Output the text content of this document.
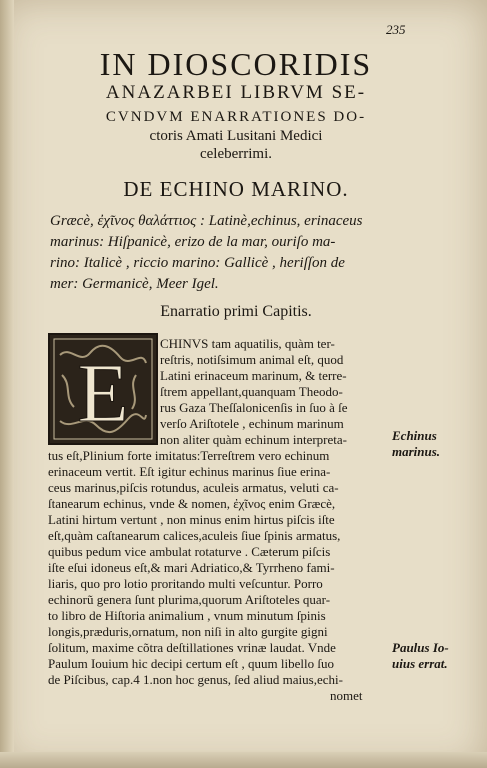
235
IN DIOSCORIDIS
ANAZARBEI LIBRVM SE-
CVNDVM ENARRATIONES DO-
ctoris Amati Lusitani Medici
celeberrimi.
DE ECHINO MARINO.
Græcè, ἐχῖνος θαλάττιος : Latinè,echinus, erinaceus
marinus: Hiſpanicè, erizo de la mar, ouriſo ma-
rino: Italicè , riccio marino: Gallicè , heriſſon de
mer: Germanicè, Meer Igel.
Enarratio primi Capitis.
E
CHINVS tam aquatilis, quàm ter-
reſtris, notiſsimum animal eſt, quod
Latini erinaceum marinum, & terre-
ſtrem appellant,quanquam Theodo-
rus Gaza Theſſalonicenſis in ſuo à ſe
verſo Ariſtotele , echinum marinum
non aliter quàm echinum interpreta-
tus eſt,Plinium forte imitatus:Terreſtrem vero echinum
erinaceum vertit. Eſt igitur echinus marinus ſiue erina-
ceus marinus,piſcis rotundus, aculeis armatus, veluti ca-
ſtanearum echinus, vnde & nomen, ἐχῖνος enim Græcè,
Latini hirtum vertunt , non minus enim hirtus piſcis iſte
eſt,quàm caſtanearum calices,aculeis ſiue ſpinis armatus,
quibus pedum vice ambulat rotaturve . Cæterum piſcis
iſte eſui idoneus eſt,& mari Adriatico,& Tyrrheno fami-
liaris, quo pro lotio proritando multi veſcuntur. Porro
echinorũ genera ſunt plurima,quorum Ariſtoteles quar-
to libro de Hiſtoria animalium , vnum minutum ſpinis
longis,præduris,ornatum, non niſi in alto gurgite gigni
ſolitum, maxime cõtra deſtillationes vrinæ laudat. Vnde
Paulum Iouium hic decipi certum eſt , quum libello ſuo
de Piſcibus, cap.4 1.non hoc genus, ſed aliud maius,echi-
nomet
Echinus
marinus.
Paulus Io-
uius errat.
